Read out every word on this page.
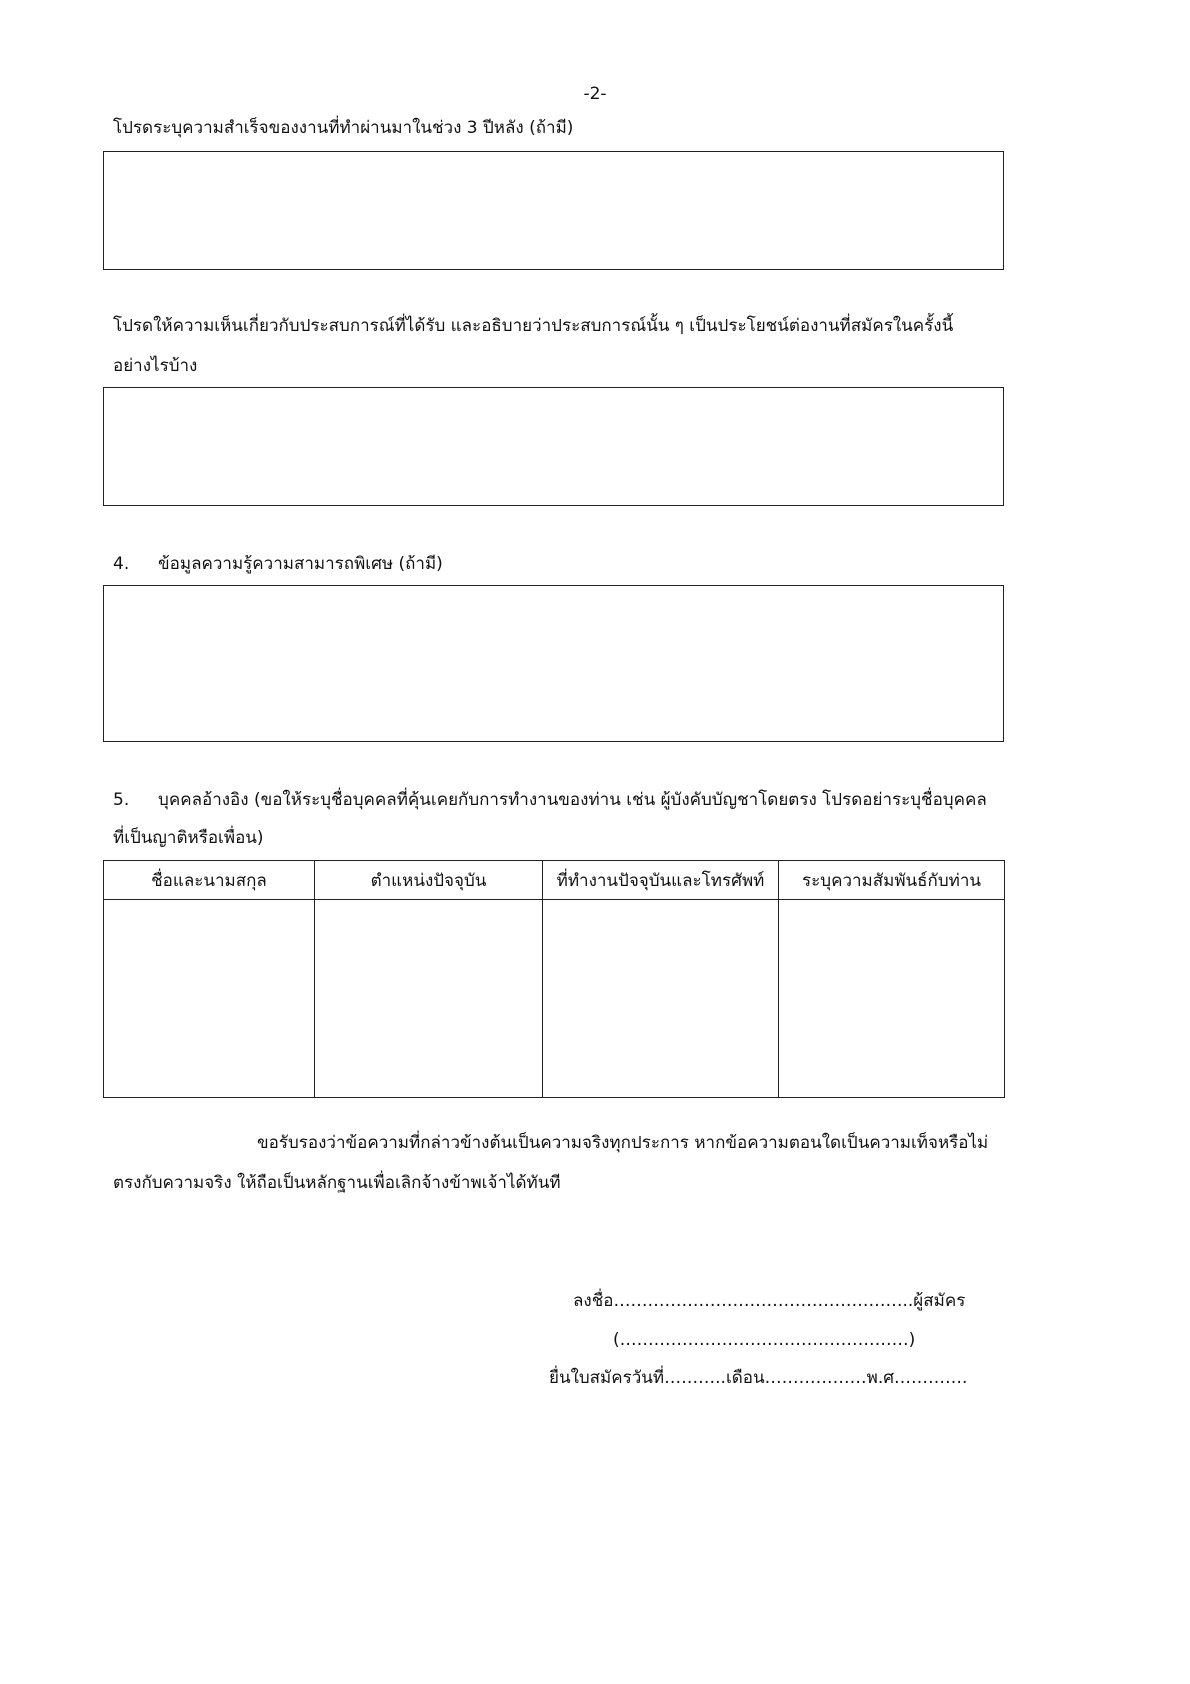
-2-
โปรดระบุความสำเร็จของงานที่ทำผ่านมาในช่วง 3 ปีหลัง (ถ้ามี)
โปรดให้ความเห็นเกี่ยวกับประสบการณ์ที่ได้รับ และอธิบายว่าประสบการณ์นั้น ๆ เป็นประโยชน์ต่องานที่สมัครในครั้งนี้
อย่างไรบ้าง
4. ข้อมูลความรู้ความสามารถพิเศษ (ถ้ามี)
5. บุคคลอ้างอิง (ขอให้ระบุชื่อบุคคลที่คุ้นเคยกับการทำงานของท่าน เช่น ผู้บังคับบัญชาโดยตรง โปรดอย่าระบุชื่อบุคคล
ที่เป็นญาติหรือเพื่อน)
ชื่อและนามสกุล	ตำแหน่งปัจจุบัน	ที่ทำงานปัจจุบันและโทรศัพท์	ระบุความสัมพันธ์กับท่าน

ขอรับรองว่าข้อความที่กล่าวข้างต้นเป็นความจริงทุกประการ หากข้อความตอนใดเป็นความเท็จหรือไม่
ตรงกับความจริง ให้ถือเป็นหลักฐานเพื่อเลิกจ้างข้าพเจ้าได้ทันที
ลงชื่อ……………………………………………..ผู้สมัคร
(……………………………………………)
ยื่นใบสมัครวันที่………..เดือน………………พ.ศ………….
